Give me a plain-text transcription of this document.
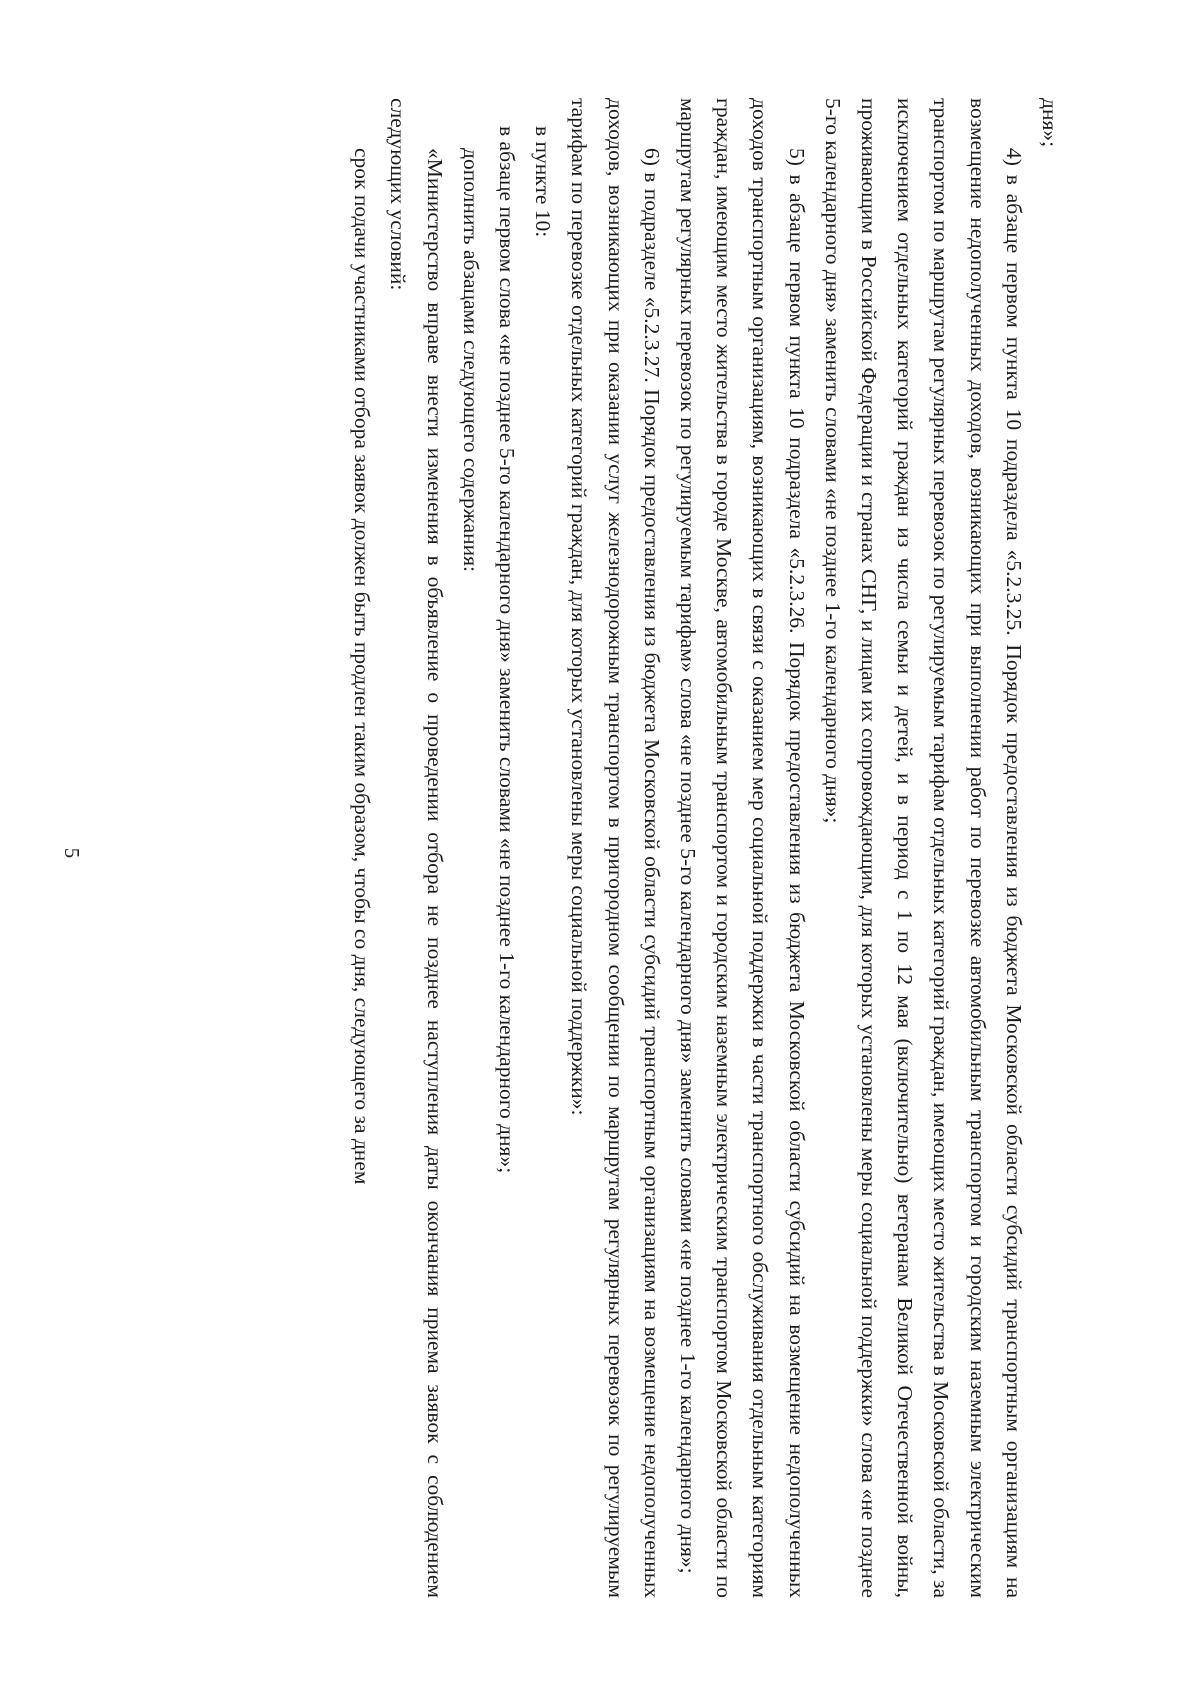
5

дня»;

4) в абзаце первом пункта 10 подраздела «5.2.3.25. Порядок предоставления из бюджета Московской области субсидий транспортным организациям на возмещение недополученных доходов, возникающих при выполнении работ по перевозке автомобильным транспортом и городским наземным электрическим транспортом по маршрутам регулярных перевозок по регулируемым тарифам отдельных категорий граждан, имеющих место жительства в Московской области, за исключением отдельных категорий граждан из числа семьи и детей, и в период с 1 по 12 мая (включительно) ветеранам Великой Отечественной войны, проживающим в Российской Федерации и странах СНГ, и лицам их сопровождающим, для которых установлены меры социальной поддержки» слова «не позднее 5-го календарного дня» заменить словами «не позднее 1-го календарного дня»;

5) в абзаце первом пункта 10 подраздела «5.2.3.26. Порядок предоставления из бюджета Московской области субсидий на возмещение недополученных доходов транспортным организациям, возникающих в связи с оказанием мер социальной поддержки в части транспортного обслуживания отдельным категориям граждан, имеющим место жительства в городе Москве, автомобильным транспортом и городским наземным электрическим транспортом Московской области по маршрутам регулярных перевозок по регулируемым тарифам» слова «не позднее 5-го календарного дня» заменить словами «не позднее 1-го календарного дня»;

6) в подразделе «5.2.3.27. Порядок предоставления из бюджета Московской области субсидий транспортным организациям на возмещение недополученных доходов, возникающих при оказании услуг железнодорожным транспортом в пригородном сообщении по маршрутам регулярных перевозок по регулируемым тарифам по перевозке отдельных категорий граждан, для которых установлены меры социальной поддержки»:

в пункте 10:

в абзаце первом слова «не позднее 5-го календарного дня» заменить словами «не позднее 1-го календарного дня»;

дополнить абзацами следующего содержания:

«Министерство вправе внести изменения в объявление о проведении отбора не позднее наступления даты окончания приема заявок с соблюдением следующих условий:

срок подачи участниками отбора заявок должен быть продлен таким образом, чтобы со дня, следующего за днем
